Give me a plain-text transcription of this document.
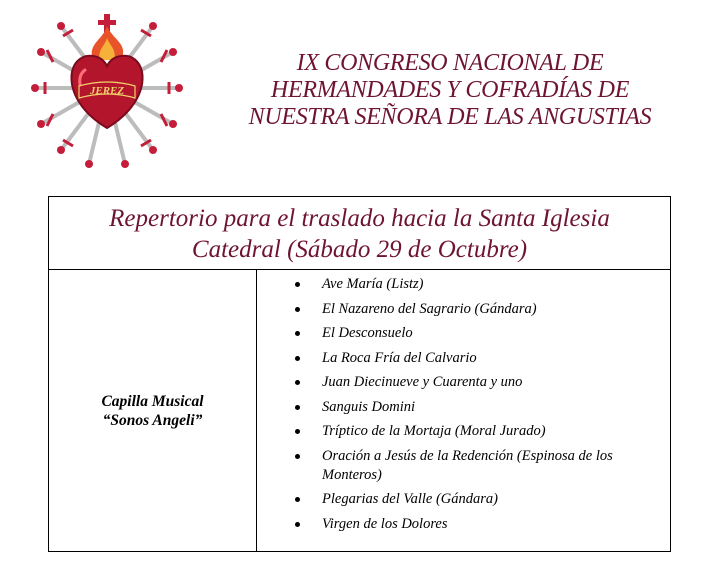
JEREZ
IX CONGRESO NACIONAL DE
HERMANDADES Y COFRADÍAS DE
NUESTRA SEÑORA DE LAS ANGUSTIAS
Repertorio para el traslado hacia la Santa Iglesia
Catedral (Sábado 29 de Octubre)
Capilla Musical
“Sonos Angeli”
Ave María (Listz)
El Nazareno del Sagrario (Gándara)
El Desconsuelo
La Roca Fría del Calvario
Juan Diecinueve y Cuarenta y uno
Sanguis Domini
Tríptico de la Mortaja (Moral Jurado)
Oración a Jesús de la Redención (Espinosa de los Monteros)
Plegarias del Valle (Gándara)
Virgen de los Dolores
